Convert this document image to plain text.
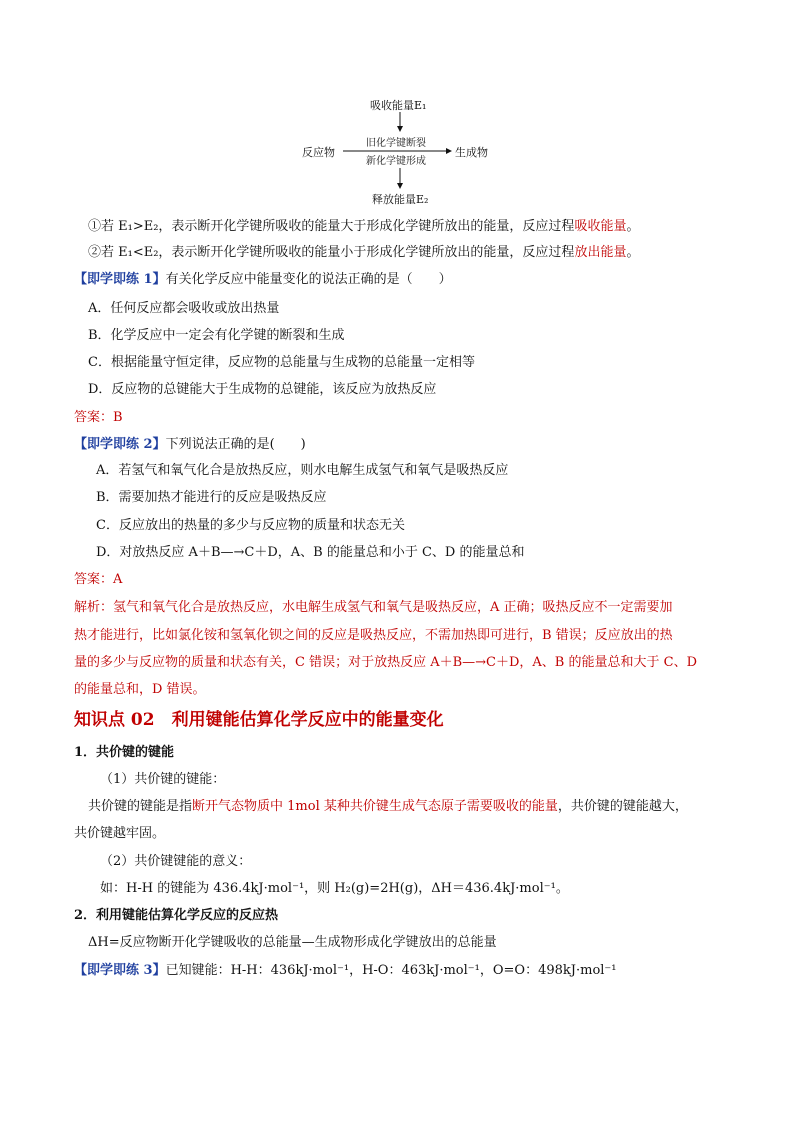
吸收能量E₁
反应物
旧化学键断裂
新化学键形成
生成物
释放能量E₂
①若 E₁>E₂，表示断开化学键所吸收的能量大于形成化学键所放出的能量，反应过程吸收能量。
②若 E₁<E₂，表示断开化学键所吸收的能量小于形成化学键所放出的能量，反应过程放出能量。
【即学即练 1】有关化学反应中能量变化的说法正确的是（　　）
A．任何反应都会吸收或放出热量
B．化学反应中一定会有化学键的断裂和生成
C．根据能量守恒定律，反应物的总能量与生成物的总能量一定相等
D．反应物的总键能大于生成物的总键能，该反应为放热反应
答案：B
【即学即练 2】下列说法正确的是(　　)
A．若氢气和氧气化合是放热反应，则水电解生成氢气和氧气是吸热反应
B．需要加热才能进行的反应是吸热反应
C．反应放出的热量的多少与反应物的质量和状态无关
D．对放热反应 A＋B—→C＋D，A、B 的能量总和小于 C、D 的能量总和
答案：A
解析：氢气和氧气化合是放热反应，水电解生成氢气和氧气是吸热反应，A 正确；吸热反应不一定需要加
热才能进行，比如氯化铵和氢氧化钡之间的反应是吸热反应，不需加热即可进行，B 错误；反应放出的热
量的多少与反应物的质量和状态有关，C 错误；对于放热反应 A＋B—→C＋D，A、B 的能量总和大于 C、D
的能量总和，D 错误。
知识点 02　利用键能估算化学反应中的能量变化
1．共价键的键能
（1）共价键的键能：
共价键的键能是指断开气态物质中 1mol 某种共价键生成气态原子需要吸收的能量，共价键的键能越大，
共价键越牢固。
（2）共价键键能的意义：
如：H-H 的键能为 436.4kJ·mol⁻¹，则 H₂(g)=2H(g)，ΔH＝436.4kJ·mol⁻¹。
2．利用键能估算化学反应的反应热
ΔH=反应物断开化学键吸收的总能量—生成物形成化学键放出的总能量
【即学即练 3】已知键能：H-H：436kJ·mol⁻¹，H-O：463kJ·mol⁻¹，O=O：498kJ·mol⁻¹
